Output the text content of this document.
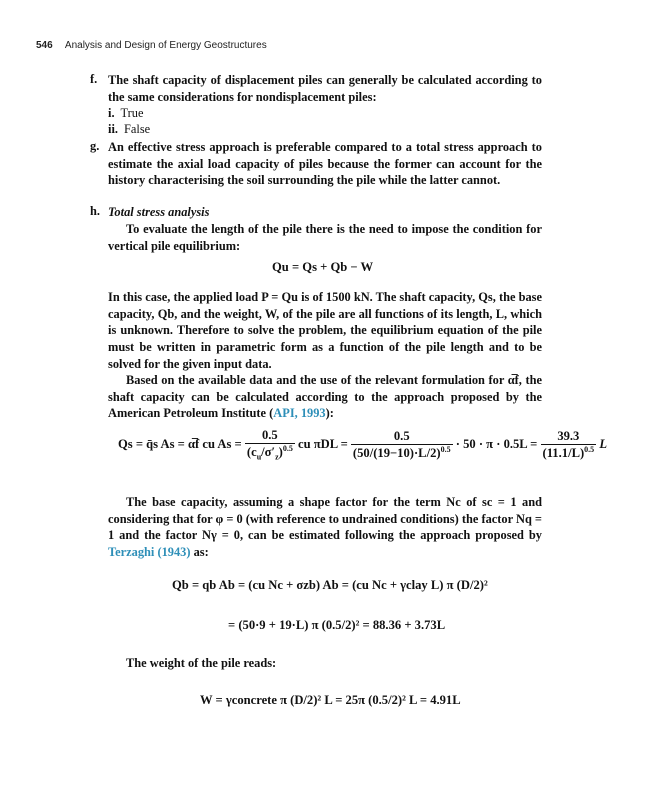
546 Analysis and Design of Energy Geostructures
f. The shaft capacity of displacement piles can generally be calculated according to the same considerations for nondisplacement piles:
i. True
ii. False
g. An effective stress approach is preferable compared to a total stress approach to estimate the axial load capacity of piles because the former can account for the history characterising the soil surrounding the pile while the latter cannot.
h. Total stress analysis
To evaluate the length of the pile there is the need to impose the condition for vertical pile equilibrium:
Qu = Qs + Qb − W
In this case, the applied load P = Qu is of 1500 kN. The shaft capacity, Qs, the base capacity, Qb, and the weight, W, of the pile are all functions of its length, L, which is unknown. Therefore to solve the problem, the equilibrium equation of the pile must be written in parametric form as a function of the pile length and to be solved for the given input data.
Based on the available data and the use of the relevant formulation for α̅f, the shaft capacity can be calculated according to the approach proposed by the American Petroleum Institute (API, 1993):
Qs = q̄s As = α̅f cu $As = \frac{0.5}{(c_u/\sigma'_z)^{0.5}}$ cu $\pi DL = \frac{0.5}{(50/(19-10)\cdot L/2)^{0.5}} \cdot 50 \cdot \pi \cdot 0.5L = \frac{39.3}{(11.1/L)^{0.5}}$ L
The base capacity, assuming a shape factor for the term Nc of sc = 1 and considering that for φ = 0 (with reference to undrained conditions) the factor Nq = 1 and the factor Nγ = 0, can be estimated following the approach proposed by Terzaghi (1943) as:
Qb = qb Ab = (cu Nc + σzb) Ab = (cu Nc + γclay L) π (D/2)²
= (50·9 + 19·L) π (0.5/2)² = 88.36 + 3.73L
The weight of the pile reads:
W = γconcrete π (D/2)² L = 25π (0.5/2)² L = 4.91L
